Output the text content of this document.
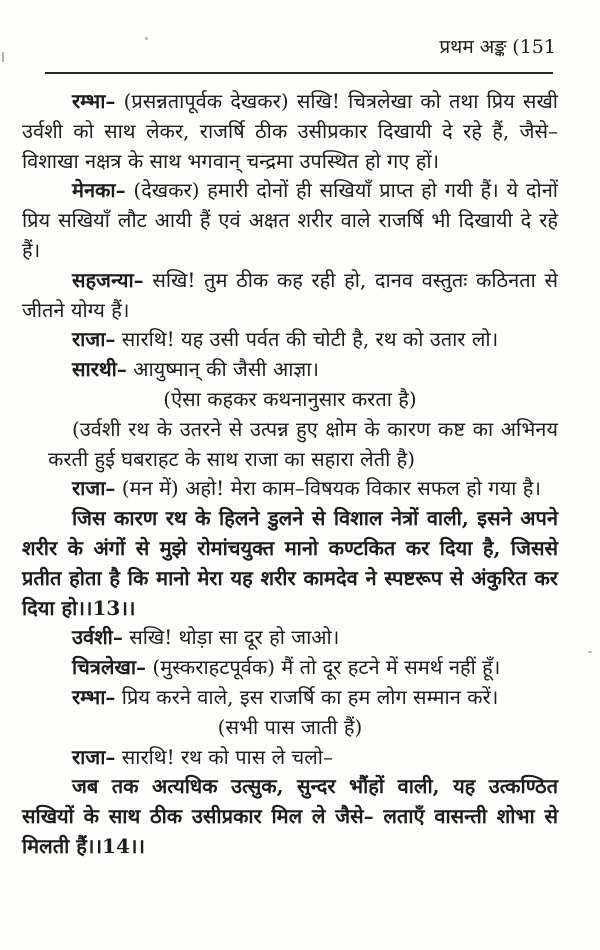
प्रथम अङ्क (151

रम्भा– (प्रसन्नतापूर्वक देखकर) सखि! चित्रलेखा को तथा प्रिय सखी उर्वशी को साथ लेकर, राजर्षि ठीक उसीप्रकार दिखायी दे रहे हैं, जैसे– विशाखा नक्षत्र के साथ भगवान् चन्द्रमा उपस्थित हो गए हों।

मेनका– (देखकर) हमारी दोनों ही सखियाँ प्राप्त हो गयी हैं। ये दोनों प्रिय सखियाँ लौट आयी हैं एवं अक्षत शरीर वाले राजर्षि भी दिखायी दे रहे हैं।

सहजन्या– सखि! तुम ठीक कह रही हो, दानव वस्तुतः कठिनता से जीतने योग्य हैं।

राजा– सारथि! यह उसी पर्वत की चोटी है, रथ को उतार लो।

सारथी– आयुष्मान् की जैसी आज्ञा।

(ऐसा कहकर कथनानुसार करता है)

(उर्वशी रथ के उतरने से उत्पन्न हुए क्षोम के कारण कष्ट का अभिनय करती हुई घबराहट के साथ राजा का सहारा लेती है)

राजा– (मन में) अहो! मेरा काम–विषयक विकार सफल हो गया है।

जिस कारण रथ के हिलने डुलने से विशाल नेत्रों वाली, इसने अपने शरीर के अंगों से मुझे रोमांचयुक्त मानो कण्टकित कर दिया है, जिससे प्रतीत होता है कि मानो मेरा यह शरीर कामदेव ने स्पष्टरूप से अंकुरित कर दिया हो।।13।।

उर्वशी– सखि! थोड़ा सा दूर हो जाओ।

चित्रलेखा– (मुस्कराहटपूर्वक) मैं तो दूर हटने में समर्थ नहीं हूँ।

रम्भा– प्रिय करने वाले, इस राजर्षि का हम लोग सम्मान करें।

(सभी पास जाती हैं)

राजा– सारथि! रथ को पास ले चलो–

जब तक अत्यधिक उत्सुक, सुन्दर भौंहों वाली, यह उत्कण्ठित सखियों के साथ ठीक उसीप्रकार मिल ले जैसे– लताएँ वासन्ती शोभा से मिलती हैं।।14।।
